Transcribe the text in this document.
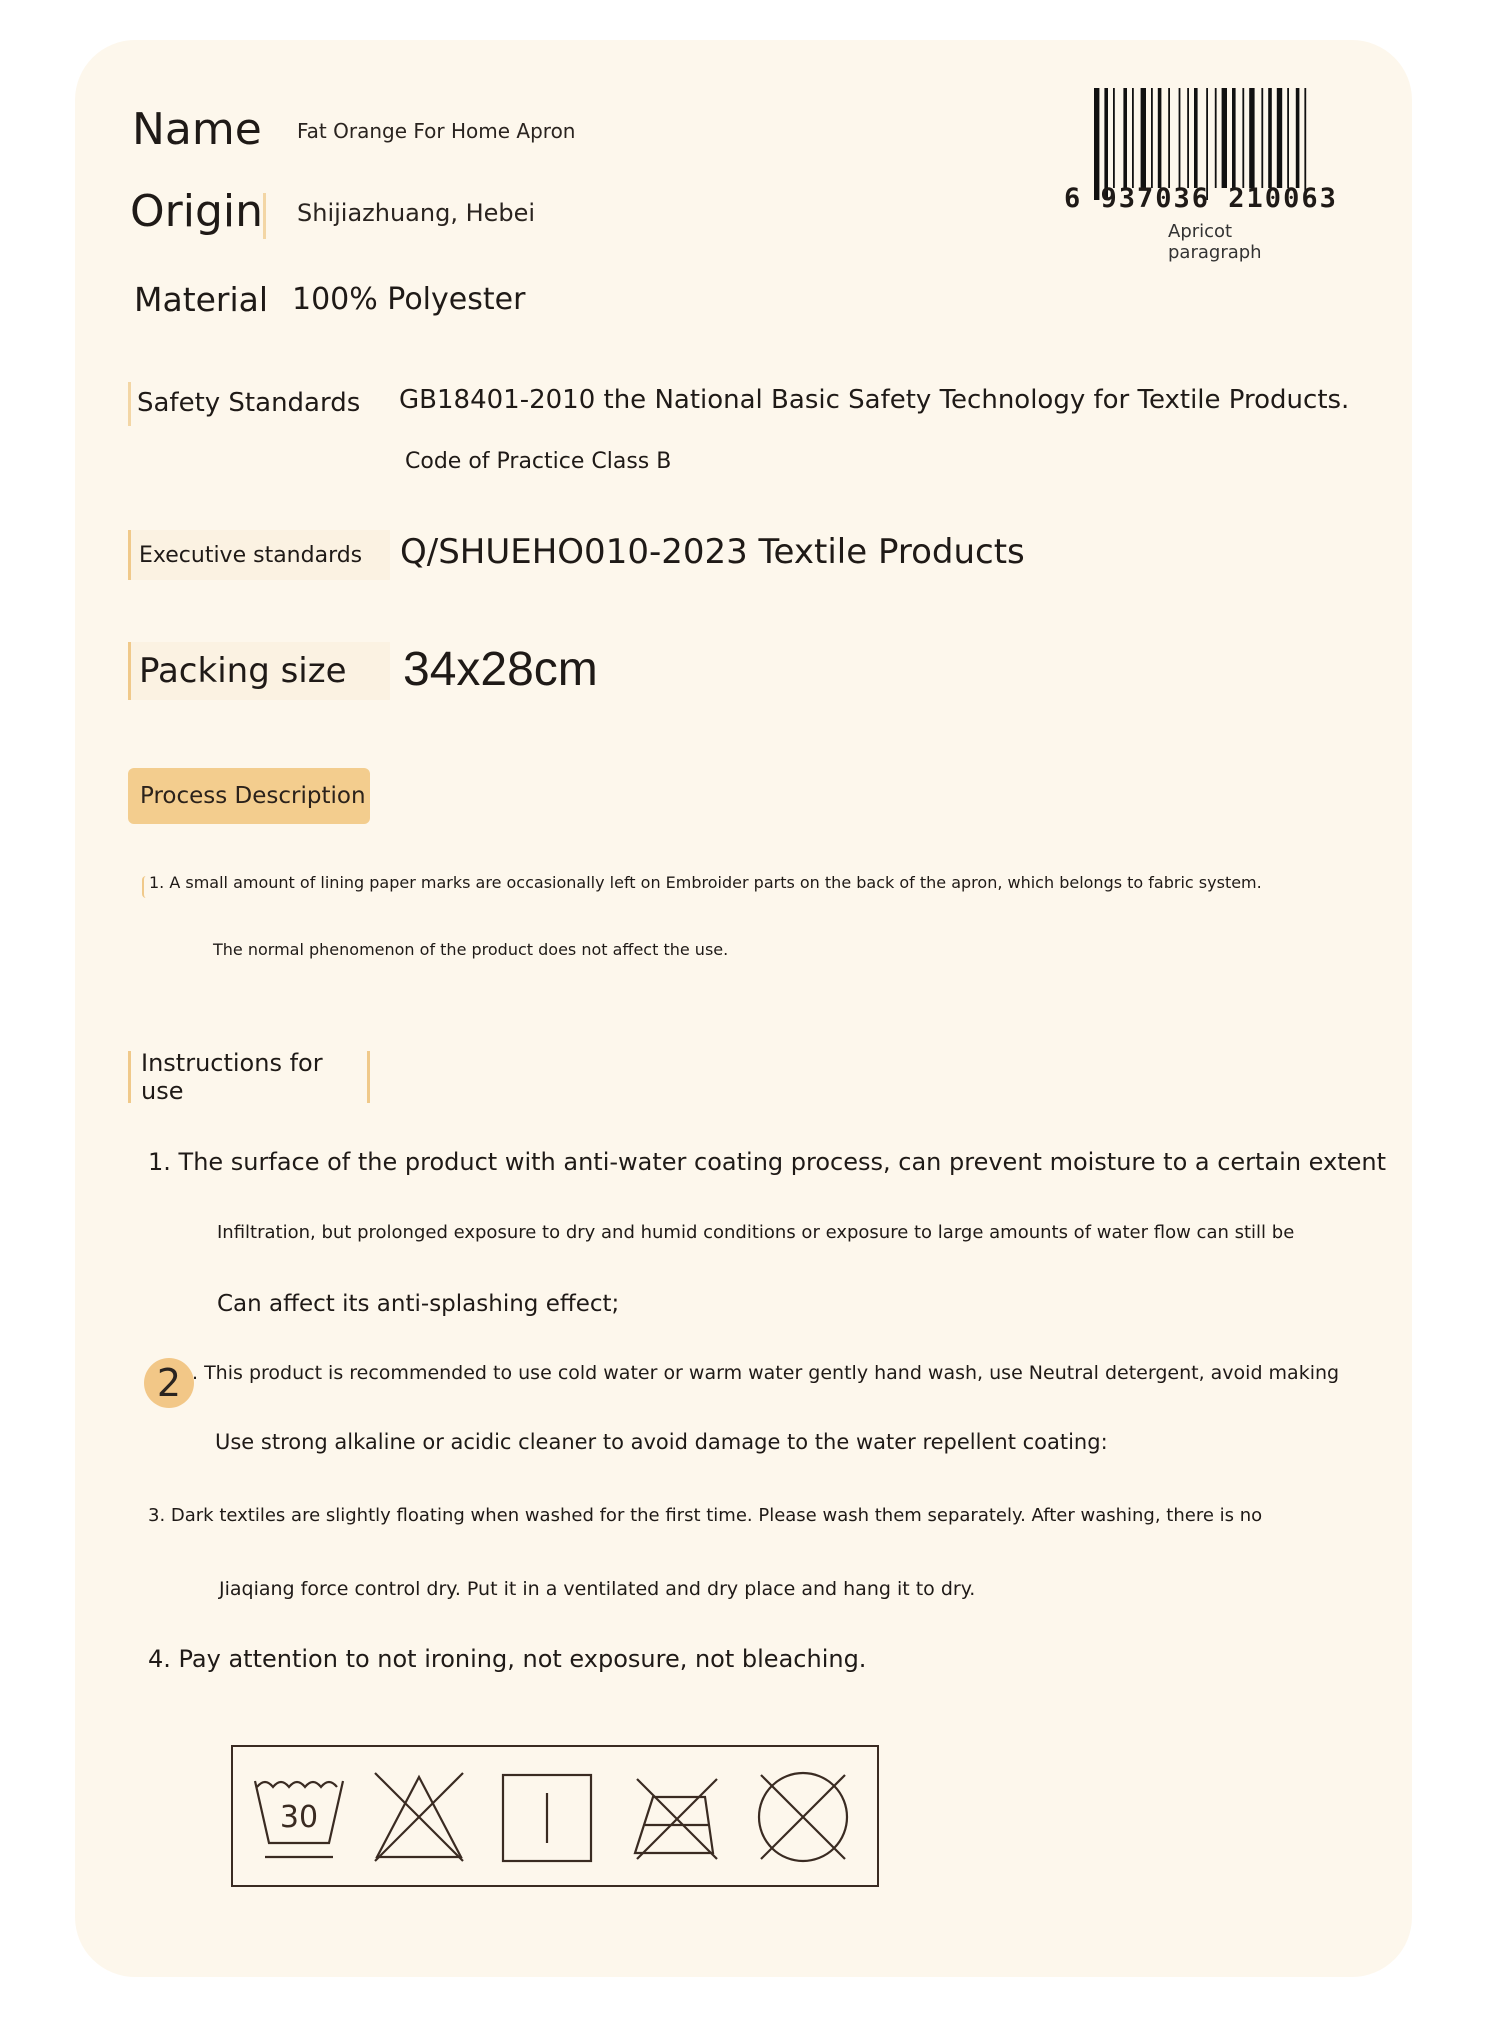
Name Fat Orange For Home Apron
Origin Shijiazhuang, Hebei
Material 100% Polyester
6 937036 210063
Apricot
paragraph
Safety Standards GB18401-2010 the National Basic Safety Technology for Textile Products.
Code of Practice Class B
Executive standards	Q/SHUEHO010-2023 Textile Products
Packing size	34x28cm
Process Description
1. A small amount of lining paper marks are occasionally left on Embroider parts on the back of the apron, which belongs to fabric system.
The normal phenomenon of the product does not affect the use.
Instructions for use
1. The surface of the product with anti-water coating process, can prevent moisture to a certain extent
Infiltration, but prolonged exposure to dry and humid conditions or exposure to large amounts of water flow can still be
Can affect its anti-splashing effect;
2 . This product is recommended to use cold water or warm water gently hand wash, use Neutral detergent, avoid making
Use strong alkaline or acidic cleaner to avoid damage to the water repellent coating:
3. Dark textiles are slightly floating when washed for the first time. Please wash them separately. After washing, there is no
Jiaqiang force control dry. Put it in a ventilated and dry place and hang it to dry.
4. Pay attention to not ironing, not exposure, not bleaching.
30
